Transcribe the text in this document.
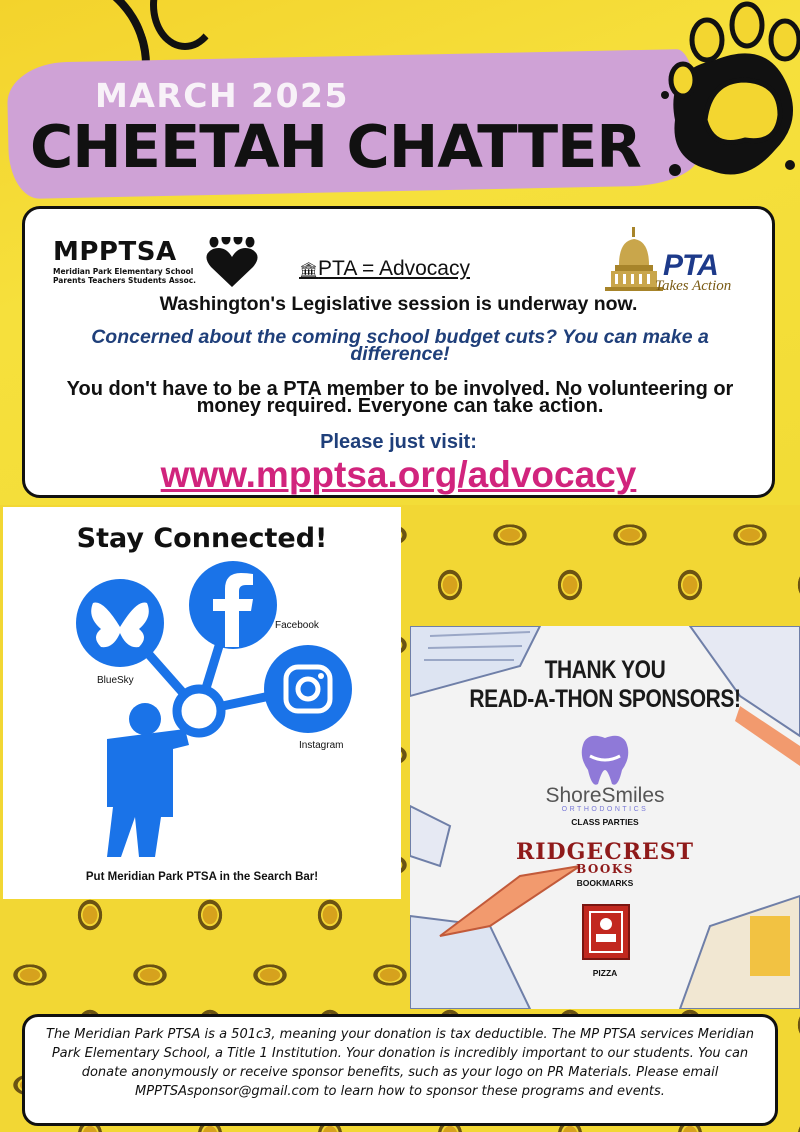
MARCH 2025
CHEETAH CHATTER
MPPTSA
Meridian Park Elementary School
Parents Teachers Students Assoc.
🏛PTA = Advocacy	PTA
Takes Action
Washington's Legislative session is underway now.
Concerned about the coming school budget cuts? You can make a difference!
You don't have to be a PTA member to be involved. No volunteering or money required. Everyone can take action.
Please just visit:
www.mpptsa.org/advocacy
Stay Connected!
BlueSky
Facebook
Instagram
Put Meridian Park PTSA in the Search Bar!
THANK YOU
READ-A-THON SPONSORS!
ShoreSmiles
ORTHODONTICS
CLASS PARTIES
RIDGECREST
BOOKS
BOOKMARKS
PIZZA

The Meridian Park PTSA is a 501c3, meaning your donation is tax deductible. The MP PTSA services Meridian Park Elementary School, a Title 1 Institution. Your donation is incredibly important to our students. You can donate anonymously or receive sponsor benefits, such as your logo on PR Materials. Please email MPPTSAsponsor@gmail.com to learn how to sponsor these programs and events.
